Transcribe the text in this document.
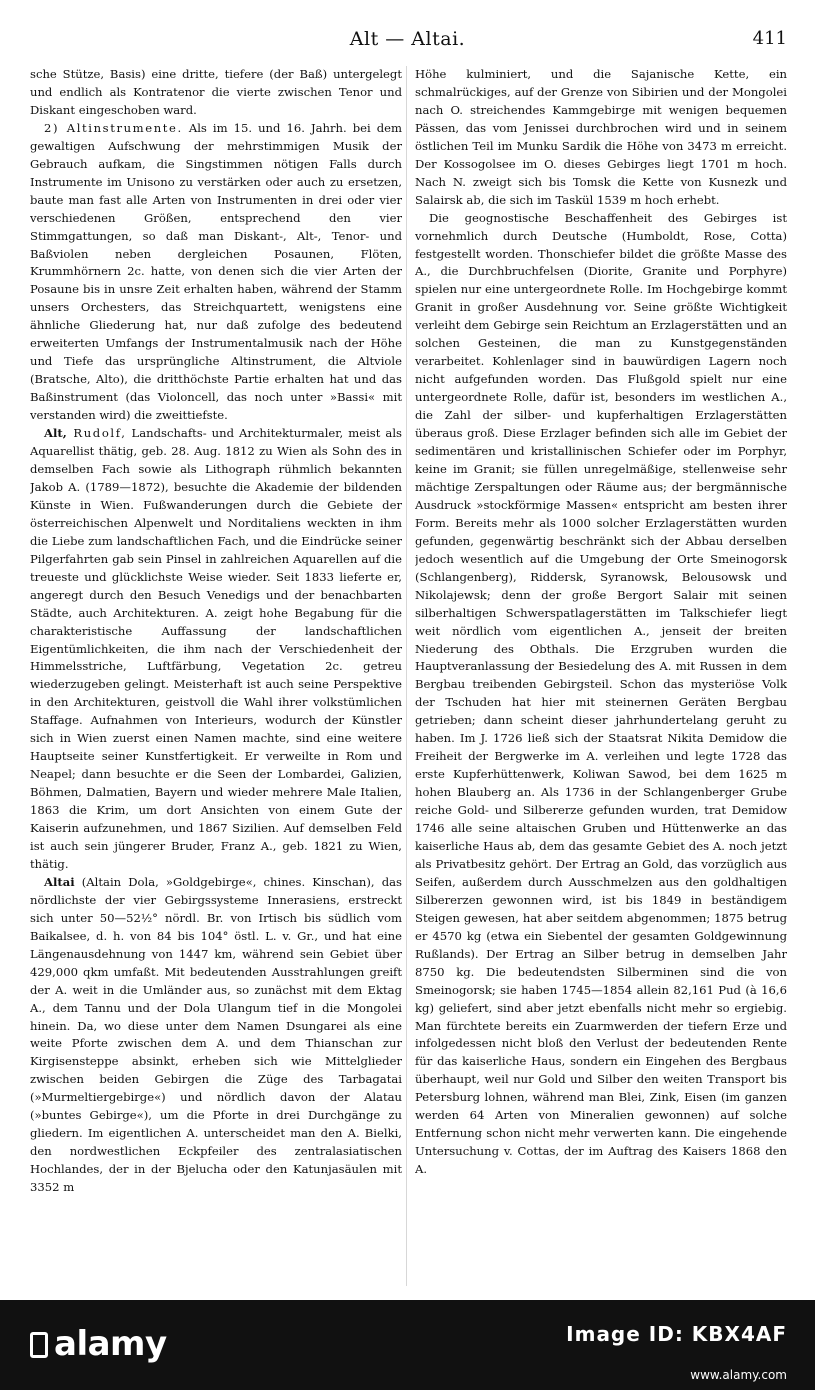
Alt — Altai.	411

sche Stütze, Basis) eine dritte, tiefere (der Baß) untergelegt und endlich als Kontratenor die vierte zwischen Tenor und Diskant eingeschoben ward.

2) Altinstrumente. Als im 15. und 16. Jahrh. bei dem gewaltigen Aufschwung der mehrstimmigen Musik der Gebrauch aufkam, die Singstimmen nötigen Falls durch Instrumente im Unisono zu verstärken oder auch zu ersetzen, baute man fast alle Arten von Instrumenten in drei oder vier verschiedenen Größen, entsprechend den vier Stimmgattungen, so daß man Diskant-, Alt-, Tenor- und Baßviolen neben dergleichen Posaunen, Flöten, Krummhörnern 2c. hatte, von denen sich die vier Arten der Posaune bis in unsre Zeit erhalten haben, während der Stamm unsers Orchesters, das Streichquartett, wenigstens eine ähnliche Gliederung hat, nur daß zufolge des bedeutend erweiterten Umfangs der Instrumentalmusik nach der Höhe und Tiefe das ursprüngliche Altinstrument, die Altviole (Bratsche, Alto), die dritthöchste Partie erhalten hat und das Baßinstrument (das Violoncell, das noch unter »Bassi« mit verstanden wird) die zweittiefste.

Alt, Rudolf, Landschafts- und Architekturmaler, meist als Aquarellist thätig, geb. 28. Aug. 1812 zu Wien als Sohn des in demselben Fach sowie als Lithograph rühmlich bekannten Jakob A. (1789—1872), besuchte die Akademie der bildenden Künste in Wien. Fußwanderungen durch die Gebiete der österreichischen Alpenwelt und Norditaliens weckten in ihm die Liebe zum landschaftlichen Fach, und die Eindrücke seiner Pilgerfahrten gab sein Pinsel in zahlreichen Aquarellen auf die treueste und glücklichste Weise wieder. Seit 1833 lieferte er, angeregt durch den Besuch Venedigs und der benachbarten Städte, auch Architekturen. A. zeigt hohe Begabung für die charakteristische Auffassung der landschaftlichen Eigentümlichkeiten, die ihm nach der Verschiedenheit der Himmelsstriche, Luftfärbung, Vegetation 2c. getreu wiederzugeben gelingt. Meisterhaft ist auch seine Perspektive in den Architekturen, geistvoll die Wahl ihrer volkstümlichen Staffage. Aufnahmen von Interieurs, wodurch der Künstler sich in Wien zuerst einen Namen machte, sind eine weitere Hauptseite seiner Kunstfertigkeit. Er verweilte in Rom und Neapel; dann besuchte er die Seen der Lombardei, Galizien, Böhmen, Dalmatien, Bayern und wieder mehrere Male Italien, 1863 die Krim, um dort Ansichten von einem Gute der Kaiserin aufzunehmen, und 1867 Sizilien. Auf demselben Feld ist auch sein jüngerer Bruder, Franz A., geb. 1821 zu Wien, thätig.

Altai (Altain Dola, »Goldgebirge«, chines. Kinschan), das nördlichste der vier Gebirgssysteme Innerasiens, erstreckt sich unter 50—52½° nördl. Br. von Irtisch bis südlich vom Baikalsee, d. h. von 84 bis 104° östl. L. v. Gr., und hat eine Längenausdehnung von 1447 km, während sein Gebiet über 429,000 qkm umfaßt. Mit bedeutenden Ausstrahlungen greift der A. weit in die Umländer aus, so zunächst mit dem Ektag A., dem Tannu und der Dola Ulangum tief in die Mongolei hinein. Da, wo diese unter dem Namen Dsungarei als eine weite Pforte zwischen dem A. und dem Thianschan zur Kirgisensteppe absinkt, erheben sich wie Mittelglieder zwischen beiden Gebirgen die Züge des Tarbagatai (»Murmeltiergebirge«) und nördlich davon der Alatau (»buntes Gebirge«), um die Pforte in drei Durchgänge zu gliedern. Im eigentlichen A. unterscheidet man den A. Bielki, den nordwestlichen Eckpfeiler des zentralasiatischen Hochlandes, der in der Bjelucha oder den Katunjasäulen mit 3352 m

Höhe kulminiert, und die Sajanische Kette, ein schmalrückiges, auf der Grenze von Sibirien und der Mongolei nach O. streichendes Kammgebirge mit wenigen bequemen Pässen, das vom Jenissei durchbrochen wird und in seinem östlichen Teil im Munku Sardik die Höhe von 3473 m erreicht. Der Kossogolsee im O. dieses Gebirges liegt 1701 m hoch. Nach N. zweigt sich bis Tomsk die Kette von Kusnezk und Salairsk ab, die sich im Taskül 1539 m hoch erhebt.

Die geognostische Beschaffenheit des Gebirges ist vornehmlich durch Deutsche (Humboldt, Rose, Cotta) festgestellt worden. Thonschiefer bildet die größte Masse des A., die Durchbruchfelsen (Diorite, Granite und Porphyre) spielen nur eine untergeordnete Rolle. Im Hochgebirge kommt Granit in großer Ausdehnung vor. Seine größte Wichtigkeit verleiht dem Gebirge sein Reichtum an Erzlagerstätten und an solchen Gesteinen, die man zu Kunstgegenständen verarbeitet. Kohlenlager sind in bauwürdigen Lagern noch nicht aufgefunden worden. Das Flußgold spielt nur eine untergeordnete Rolle, dafür ist, besonders im westlichen A., die Zahl der silber- und kupferhaltigen Erzlagerstätten überaus groß. Diese Erzlager befinden sich alle im Gebiet der sedimentären und kristallinischen Schiefer oder im Porphyr, keine im Granit; sie füllen unregelmäßige, stellenweise sehr mächtige Zerspaltungen oder Räume aus; der bergmännische Ausdruck »stockförmige Massen« entspricht am besten ihrer Form. Bereits mehr als 1000 solcher Erzlagerstätten wurden gefunden, gegenwärtig beschränkt sich der Abbau derselben jedoch wesentlich auf die Umgebung der Orte Smeinogorsk (Schlangenberg), Riddersk, Syranowsk, Belousowsk und Nikolajewsk; denn der große Bergort Salair mit seinen silberhaltigen Schwerspatlagerstätten im Talkschiefer liegt weit nördlich vom eigentlichen A., jenseit der breiten Niederung des Obthals. Die Erzgruben wurden die Hauptveranlassung der Besiedelung des A. mit Russen in dem Bergbau treibenden Gebirgsteil. Schon das mysteriöse Volk der Tschuden hat hier mit steinernen Geräten Bergbau getrieben; dann scheint dieser jahrhundertelang geruht zu haben. Im J. 1726 ließ sich der Staatsrat Nikita Demidow die Freiheit der Bergwerke im A. verleihen und legte 1728 das erste Kupferhüttenwerk, Koliwan Sawod, bei dem 1625 m hohen Blauberg an. Als 1736 in der Schlangenberger Grube reiche Gold- und Silbererze gefunden wurden, trat Demidow 1746 alle seine altaischen Gruben und Hüttenwerke an das kaiserliche Haus ab, dem das gesamte Gebiet des A. noch jetzt als Privatbesitz gehört. Der Ertrag an Gold, das vorzüglich aus Seifen, außerdem durch Ausschmelzen aus den goldhaltigen Silbererzen gewonnen wird, ist bis 1849 in beständigem Steigen gewesen, hat aber seitdem abgenommen; 1875 betrug er 4570 kg (etwa ein Siebentel der gesamten Goldgewinnung Rußlands). Der Ertrag an Silber betrug in demselben Jahr 8750 kg. Die bedeutendsten Silberminen sind die von Smeinogorsk; sie haben 1745—1854 allein 82,161 Pud (à 16,6 kg) geliefert, sind aber jetzt ebenfalls nicht mehr so ergiebig. Man fürchtete bereits ein Zuarmwerden der tiefern Erze und infolgedessen nicht bloß den Verlust der bedeutenden Rente für das kaiserliche Haus, sondern ein Eingehen des Bergbaus überhaupt, weil nur Gold und Silber den weiten Transport bis Petersburg lohnen, während man Blei, Zink, Eisen (im ganzen werden 64 Arten von Mineralien gewonnen) auf solche Entfernung schon nicht mehr verwerten kann. Die eingehende Untersuchung v. Cottas, der im Auftrag des Kaisers 1868 den A.

alamy	Image ID: KBX4AF
www.alamy.com
